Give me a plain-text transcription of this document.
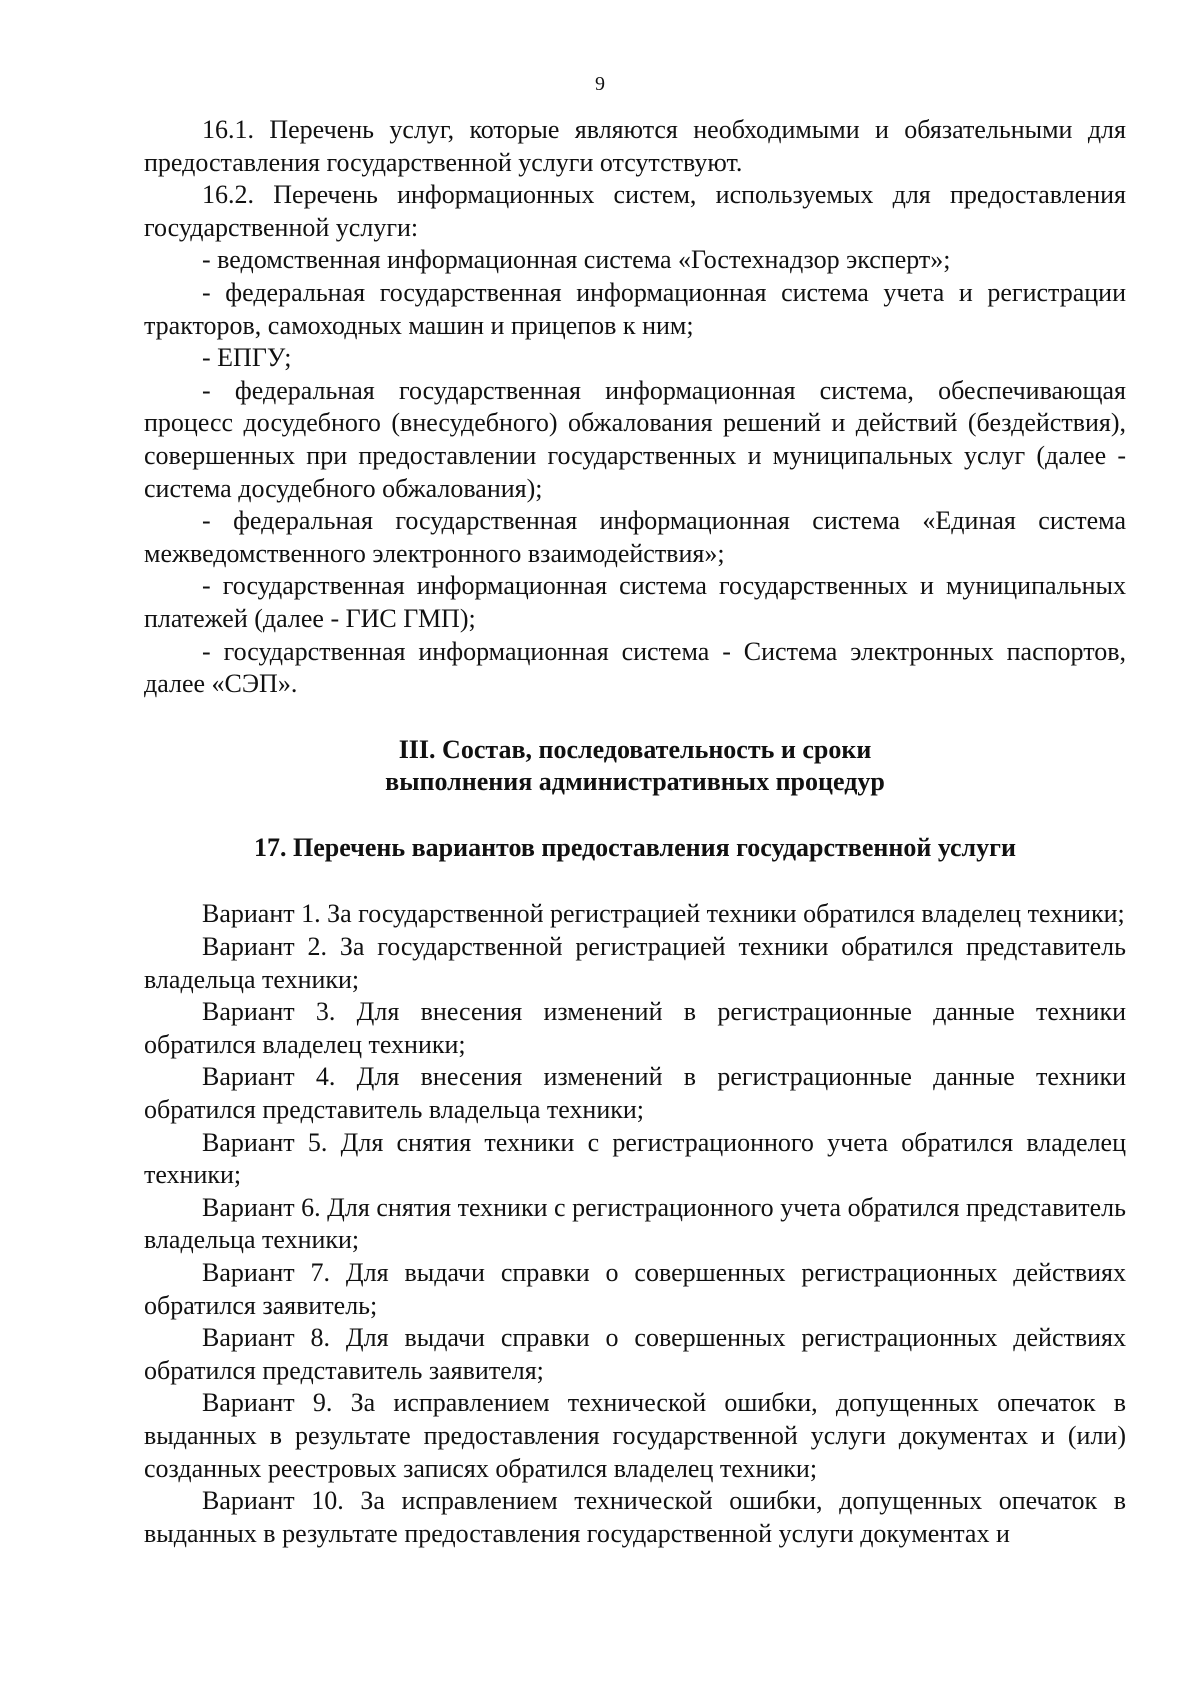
9

16.1. Перечень услуг, которые являются необходимыми и обязательными для предоставления государственной услуги отсутствуют.

16.2. Перечень информационных систем, используемых для предоставления государственной услуги:

- ведомственная информационная система «Гостехнадзор эксперт»;

- федеральная государственная информационная система учета и регистрации тракторов, самоходных машин и прицепов к ним;

- ЕПГУ;

- федеральная государственная информационная система, обеспечивающая процесс досудебного (внесудебного) обжалования решений и действий (бездействия), совершенных при предоставлении государственных и муниципальных услуг (далее - система досудебного обжалования);

- федеральная государственная информационная система «Единая система межведомственного электронного взаимодействия»;

- государственная информационная система государственных и муниципальных платежей (далее - ГИС ГМП);

- государственная информационная система - Система электронных паспортов, далее «СЭП».

III. Состав, последовательность и сроки
выполнения административных процедур
17. Перечень вариантов предоставления государственной услуги

Вариант 1. За государственной регистрацией техники обратился владелец техники;

Вариант 2. За государственной регистрацией техники обратился представитель владельца техники;

Вариант 3. Для внесения изменений в регистрационные данные техники обратился владелец техники;

Вариант 4. Для внесения изменений в регистрационные данные техники обратился представитель владельца техники;

Вариант 5. Для снятия техники с регистрационного учета обратился владелец техники;

Вариант 6. Для снятия техники с регистрационного учета обратился представитель владельца техники;

Вариант 7. Для выдачи справки о совершенных регистрационных действиях обратился заявитель;

Вариант 8. Для выдачи справки о совершенных регистрационных действиях обратился представитель заявителя;

Вариант 9. За исправлением технической ошибки, допущенных опечаток в выданных в результате предоставления государственной услуги документах и (или) созданных реестровых записях обратился владелец техники;

Вариант 10. За исправлением технической ошибки, допущенных опечаток в выданных в результате предоставления государственной услуги документах и
